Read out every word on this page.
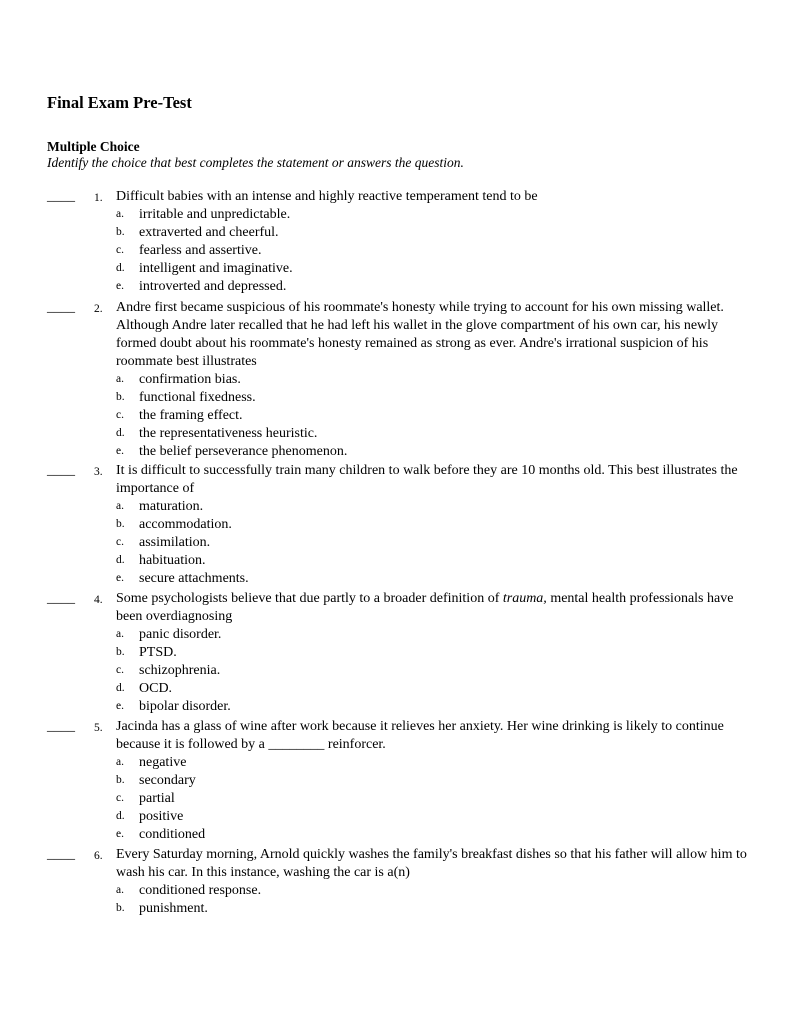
Final Exam Pre-Test
Multiple Choice
Identify the choice that best completes the statement or answers the question.
____ 1. Difficult babies with an intense and highly reactive temperament tend to be
a. irritable and unpredictable.
b. extraverted and cheerful.
c. fearless and assertive.
d. intelligent and imaginative.
e. introverted and depressed.
____ 2. Andre first became suspicious of his roommate's honesty while trying to account for his own missing wallet. Although Andre later recalled that he had left his wallet in the glove compartment of his own car, his newly formed doubt about his roommate's honesty remained as strong as ever. Andre's irrational suspicion of his roommate best illustrates
a. confirmation bias.
b. functional fixedness.
c. the framing effect.
d. the representativeness heuristic.
e. the belief perseverance phenomenon.
____ 3. It is difficult to successfully train many children to walk before they are 10 months old. This best illustrates the importance of
a. maturation.
b. accommodation.
c. assimilation.
d. habituation.
e. secure attachments.
____ 4. Some psychologists believe that due partly to a broader definition of trauma, mental health professionals have been overdiagnosing
a. panic disorder.
b. PTSD.
c. schizophrenia.
d. OCD.
e. bipolar disorder.
____ 5. Jacinda has a glass of wine after work because it relieves her anxiety. Her wine drinking is likely to continue because it is followed by a ________ reinforcer.
a. negative
b. secondary
c. partial
d. positive
e. conditioned
____ 6. Every Saturday morning, Arnold quickly washes the family's breakfast dishes so that his father will allow him to wash his car. In this instance, washing the car is a(n)
a. conditioned response.
b. punishment.
